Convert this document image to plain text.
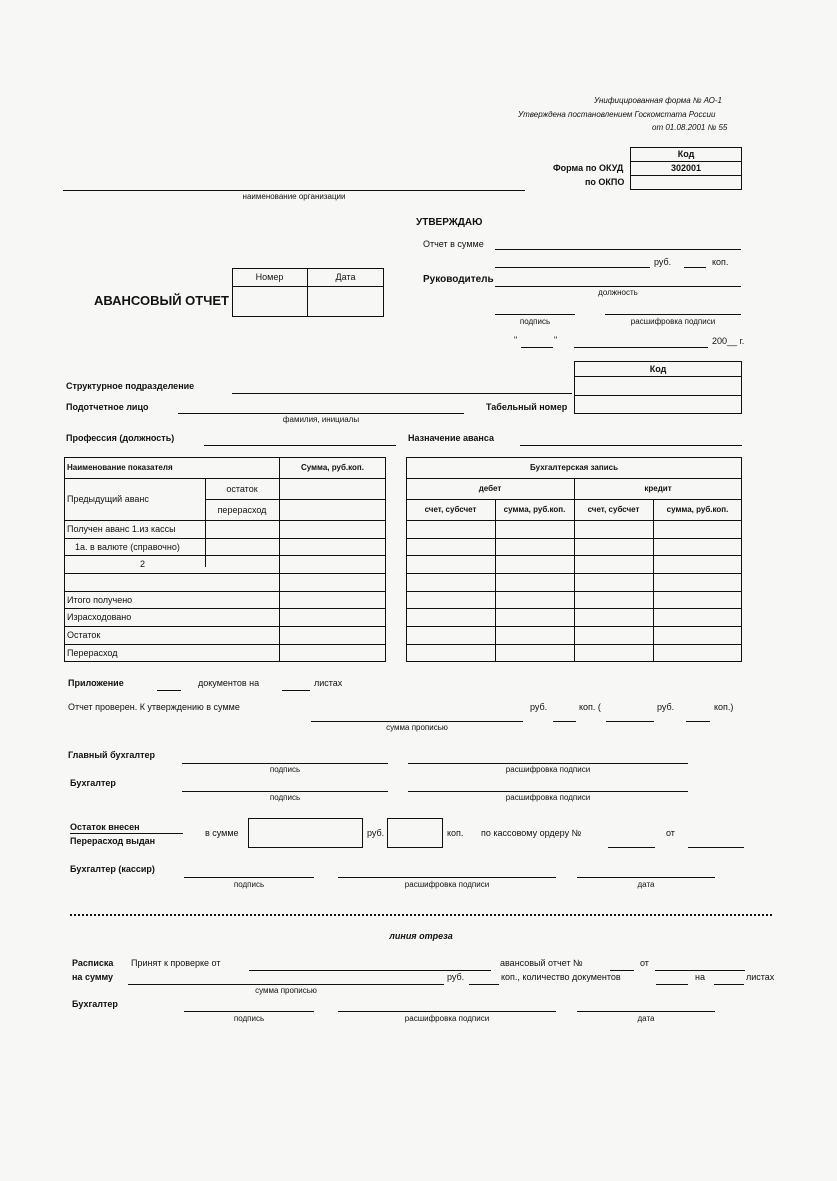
Унифицированная форма № АО-1
Утверждена постановлением Госкомстата России
от 01.08.2001 № 55
Код
302001
Форма по ОКУД
по ОКПО
наименование организации
УТВЕРЖДАЮ
Отчет в сумме
руб.	коп.
Руководитель
должность
подпись	расшифровка подписи
"	"	200__ г.
Номер	Дата
АВАНСОВЫЙ ОТЧЕТ
Код
Структурное подразделение
Подотчетное лицо
фамилия, инициалы
Табельный номер
Профессия (должность)	Назначение аванса
Наименование показателя	Сумма, руб.коп.
Предыдущий аванс
остаток
перерасход
Получен аванс 1.из кассы
1а. в валюте (справочно)
2
Итого получено
Израсходовано
Остаток
Перерасход
Бухгалтерская запись
дебет	кредит
счет, субсчет	сумма, руб.коп.	счет, субсчет	сумма, руб.коп.
Приложение	документов на	листах
Отчет проверен. К утверждению в сумме
сумма прописью
руб.	коп. (	руб.	коп.)
Главный бухгалтер
подпись	расшифровка подписи
Бухгалтер
подпись	расшифровка подписи
Остаток внесен
Перерасход выдан
в сумме	руб.	коп. по кассовому ордеру №	от
Бухгалтер (кассир)
подпись	расшифровка подписи	дата
линия отреза
Расписка Принят к проверке от	авансовый отчет №	от
на сумму
сумма прописью
руб.	коп., количество документов	на	листах
Бухгалтер
подпись	расшифровка подписи	дата
